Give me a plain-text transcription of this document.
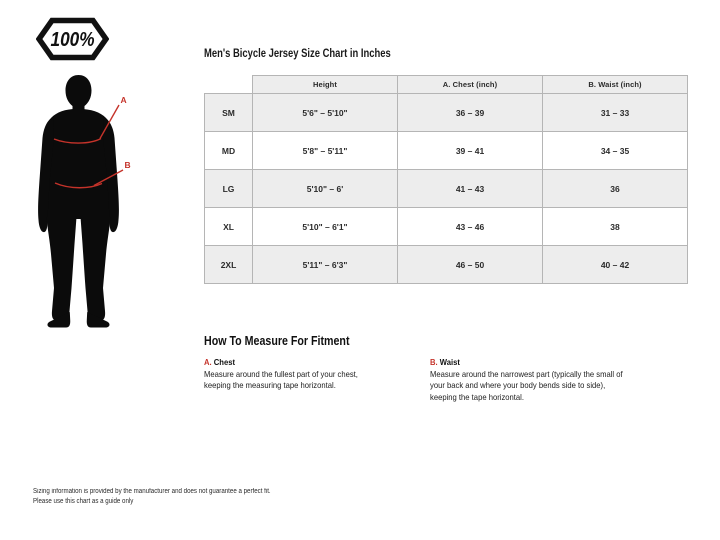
100%
A
B
Men's Bicycle Jersey Size Chart in Inches
	Height	A. Chest (inch)	B. Waist (inch)
SM	5'6" – 5'10"	36 – 39	31 – 33
MD	5'8" – 5'11"	39 – 41	34 – 35
LG	5'10" – 6'	41 – 43	36
XL	5'10" – 6'1"	43 – 46	38
2XL	5'11" – 6'3"	46 – 50	40 – 42
How To Measure For Fitment
A. Chest
Measure around the fullest part of your chest, keeping the measuring tape horizontal.
B. Waist
Measure around the narrowest part (typically the small of your back and where your body bends side to side), keeping the tape horizontal.
Sizing information is provided by the manufacturer and does not guarantee a perfect fit.
Please use this chart as a guide only
